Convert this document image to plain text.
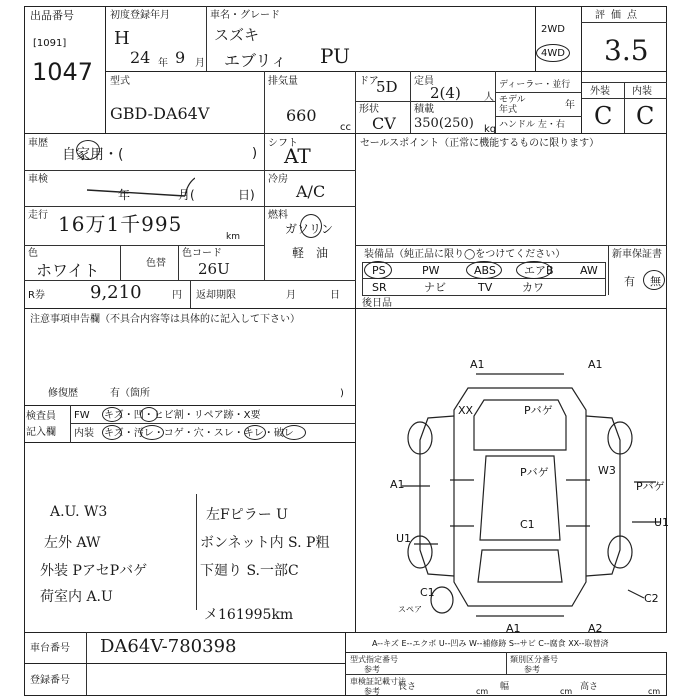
出品番号
[1091]
1047
初度登録年月
H
24 年 9 月
車名・グレード
スズキ
エブリィ PU
2WD
4WD
評価点
3.5
外装 内装
C C
型式
GBD-DA64V
排気量
660
cc
ドア
5D 定員
2(4) 人
形状
CV
積載
350(250) kg
ディーラー・並行
モデル
年式	年
ハンドル 左・右
車歴
自家用・(	)
シフト
AT
セールスポイント（正常に機能するものに限ります）
車検
年	月(	日)
冷房
A/C
走行 16万1千995
km
燃料
ガソリン
軽　油
色
ホワイト	色替
色コード
26U
装備品（純正品に限り◯をつけてください）	新車保証書
有 無
PS	PW	ABS	エアB AW
SR	ナビ	TV	カワ
後日品
R券	9,210	円 返却期限	月	日
注意事項申告欄（不具合内容等は具体的に記入して下さい）
修復歴	有（箇所	)
検査員
記入欄
FW キズ・凹・ヒビ割・リペア跡・X要
内装 キズ・汚レ・コゲ・穴・スレ・キレ・破レ
A.U. W3
左外 AW
外装 PアセPバゲ
荷室内 A.U
左Fピラー U
ボンネット内 S. P粗
下廻り S.一部C
メ161995km
A1	A1
XX	Pバゲ
Pバゲ	W3
Pバゲ
A1
U1
U1
C1
C1	C2
A1	A2
スペア
A--キズ E--エクボ U--凹み W--補修跡 S--サビ C--腐食 XX--取替済
車台番号 DA64V-780398
登録番号
型式指定番号
参考
類別区分番号
参考
車検証記載寸法
参考 長さ	cm 幅	cm 高さ	cm
